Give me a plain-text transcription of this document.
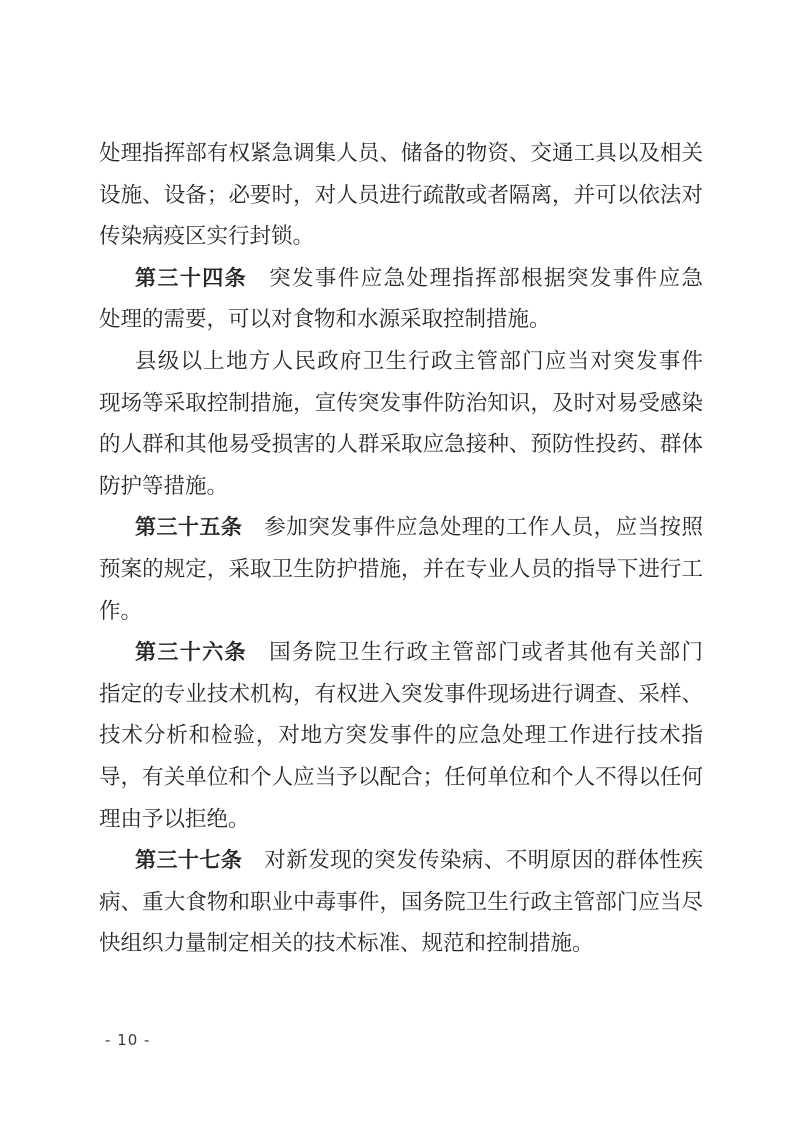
处理指挥部有权紧急调集人员、储备的物资、交通工具以及相关
设施、设备；必要时，对人员进行疏散或者隔离，并可以依法对
传染病疫区实行封锁。
第三十四条 突发事件应急处理指挥部根据突发事件应急
处理的需要，可以对食物和水源采取控制措施。
县级以上地方人民政府卫生行政主管部门应当对突发事件
现场等采取控制措施，宣传突发事件防治知识，及时对易受感染
的人群和其他易受损害的人群采取应急接种、预防性投药、群体
防护等措施。
第三十五条 参加突发事件应急处理的工作人员，应当按照
预案的规定，采取卫生防护措施，并在专业人员的指导下进行工
作。
第三十六条 国务院卫生行政主管部门或者其他有关部门
指定的专业技术机构，有权进入突发事件现场进行调查、采样、
技术分析和检验，对地方突发事件的应急处理工作进行技术指
导，有关单位和个人应当予以配合；任何单位和个人不得以任何
理由予以拒绝。
第三十七条 对新发现的突发传染病、不明原因的群体性疾
病、重大食物和职业中毒事件，国务院卫生行政主管部门应当尽
快组织力量制定相关的技术标准、规范和控制措施。
- 10 -
